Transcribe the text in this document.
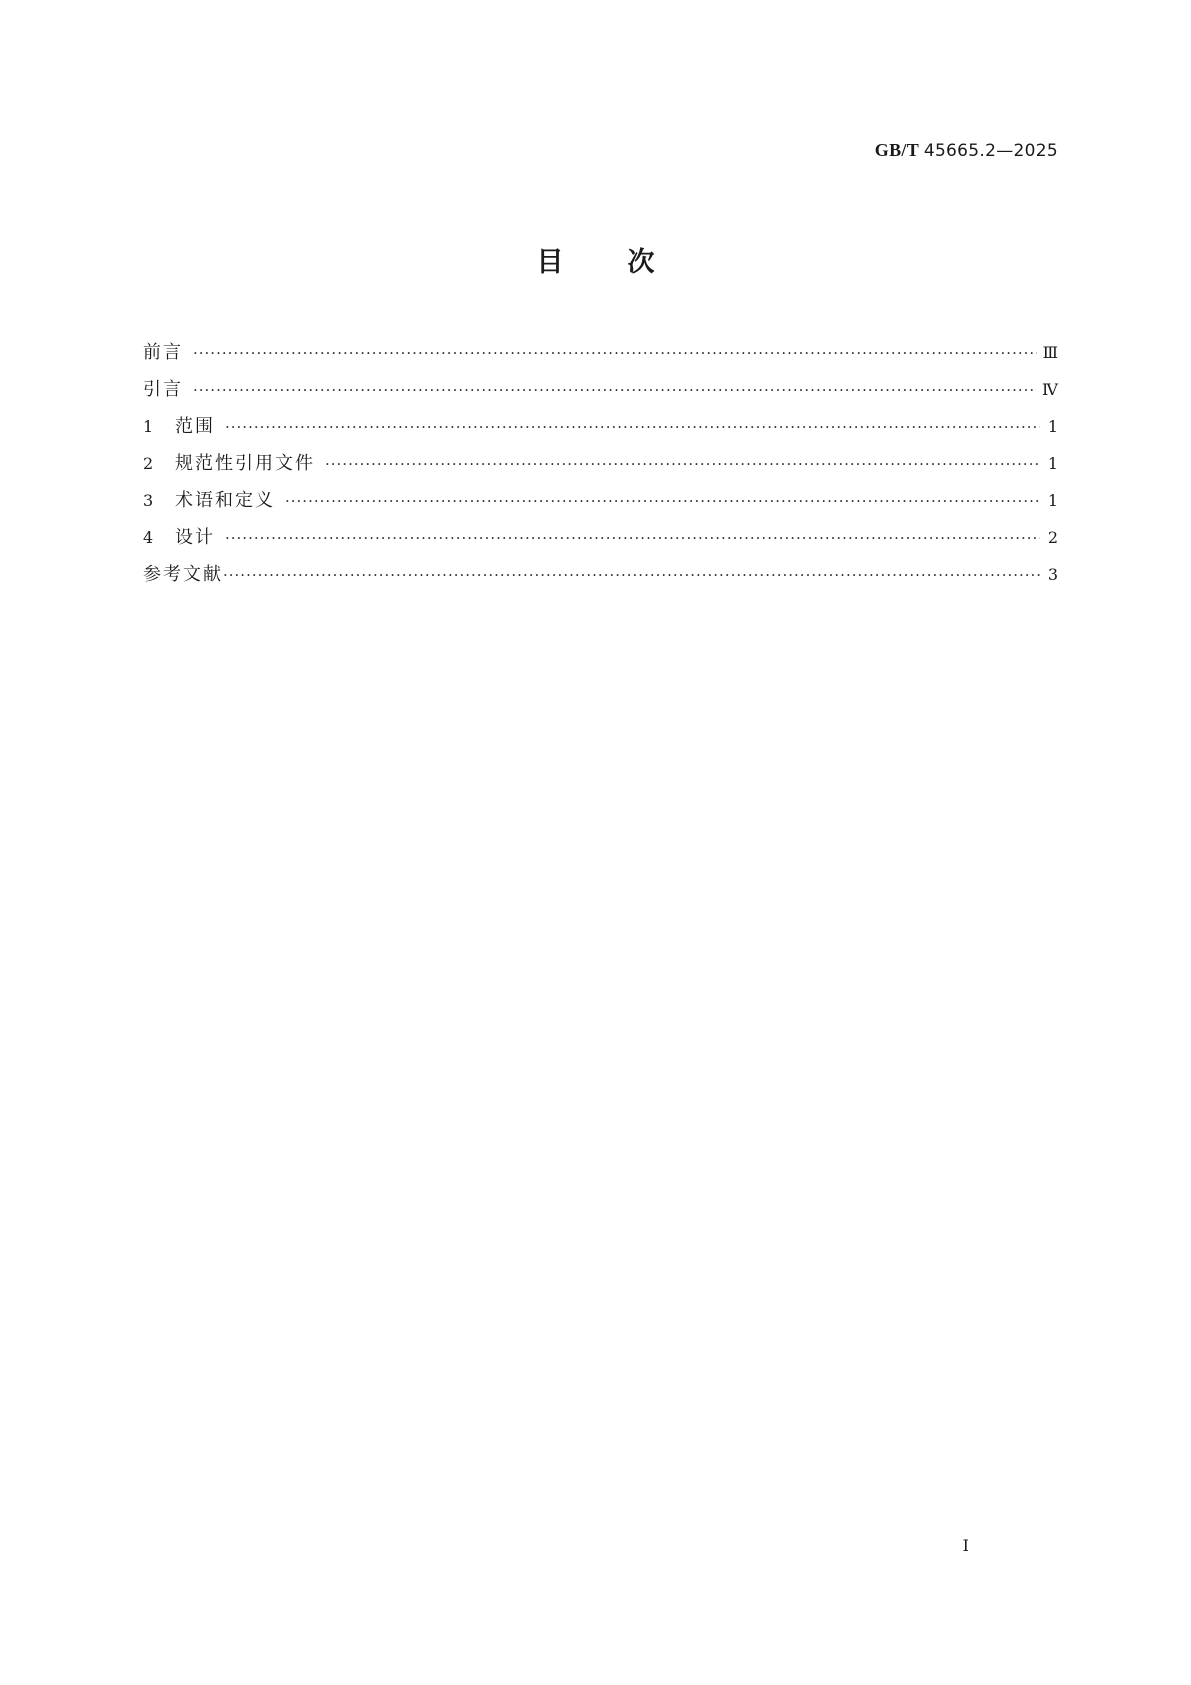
GB/T 45665.2—2025
目次
前言 ·····	Ⅲ
引言 ·····	Ⅳ
1	范围 ·····	1
2	规范性引用文件 ·····	1
3	术语和定义 ·····	1
4	设计 ·····	2
参考文献 ·····	3
Ⅰ
